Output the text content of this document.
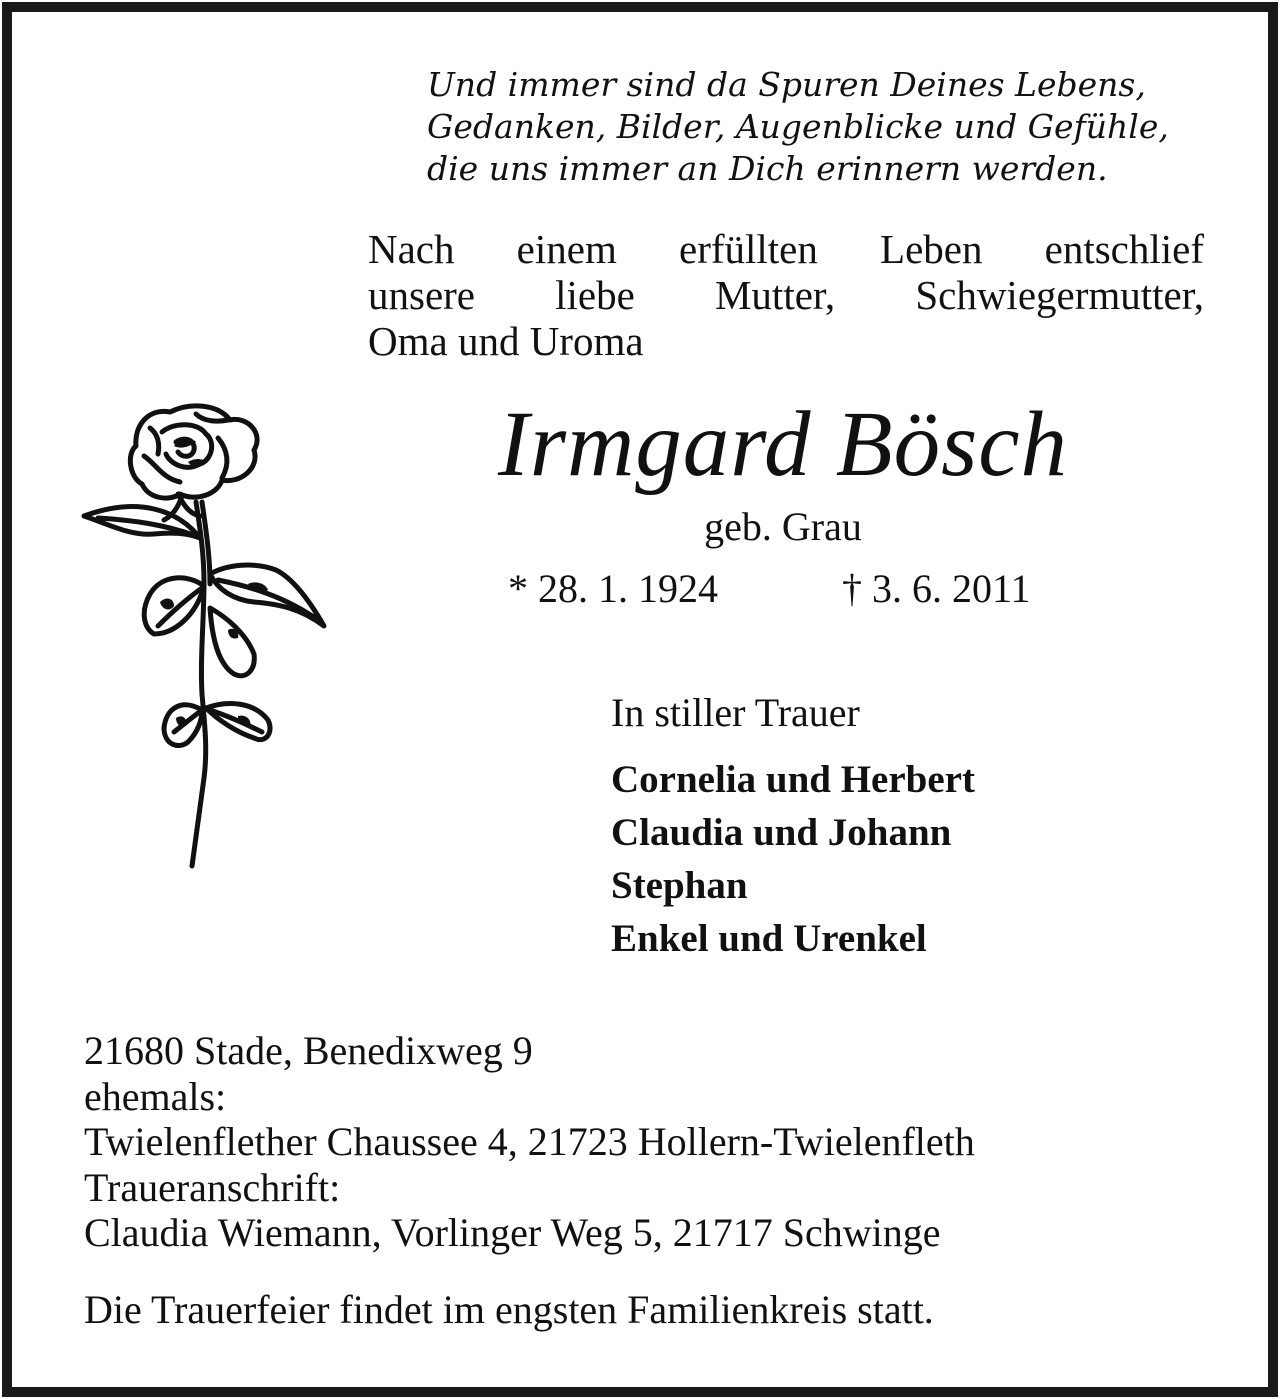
Und immer sind da Spuren Deines Lebens,
Gedanken, Bilder, Augenblicke und Gefühle,
die uns immer an Dich erinnern werden.
Nach einem erfüllten Leben entschlief
unsere liebe Mutter, Schwiegermutter,
Oma und Uroma
Irmgard Bösch
geb. Grau
* 28. 1. 1924	† 3. 6. 2011
In stiller Trauer
Cornelia und Herbert
Claudia und Johann
Stephan
Enkel und Urenkel
21680 Stade, Benedixweg 9
ehemals:
Twielenflether Chaussee 4, 21723 Hollern-Twielenfleth
Traueranschrift:
Claudia Wiemann, Vorlinger Weg 5, 21717 Schwinge
Die Trauerfeier findet im engsten Familienkreis statt.
